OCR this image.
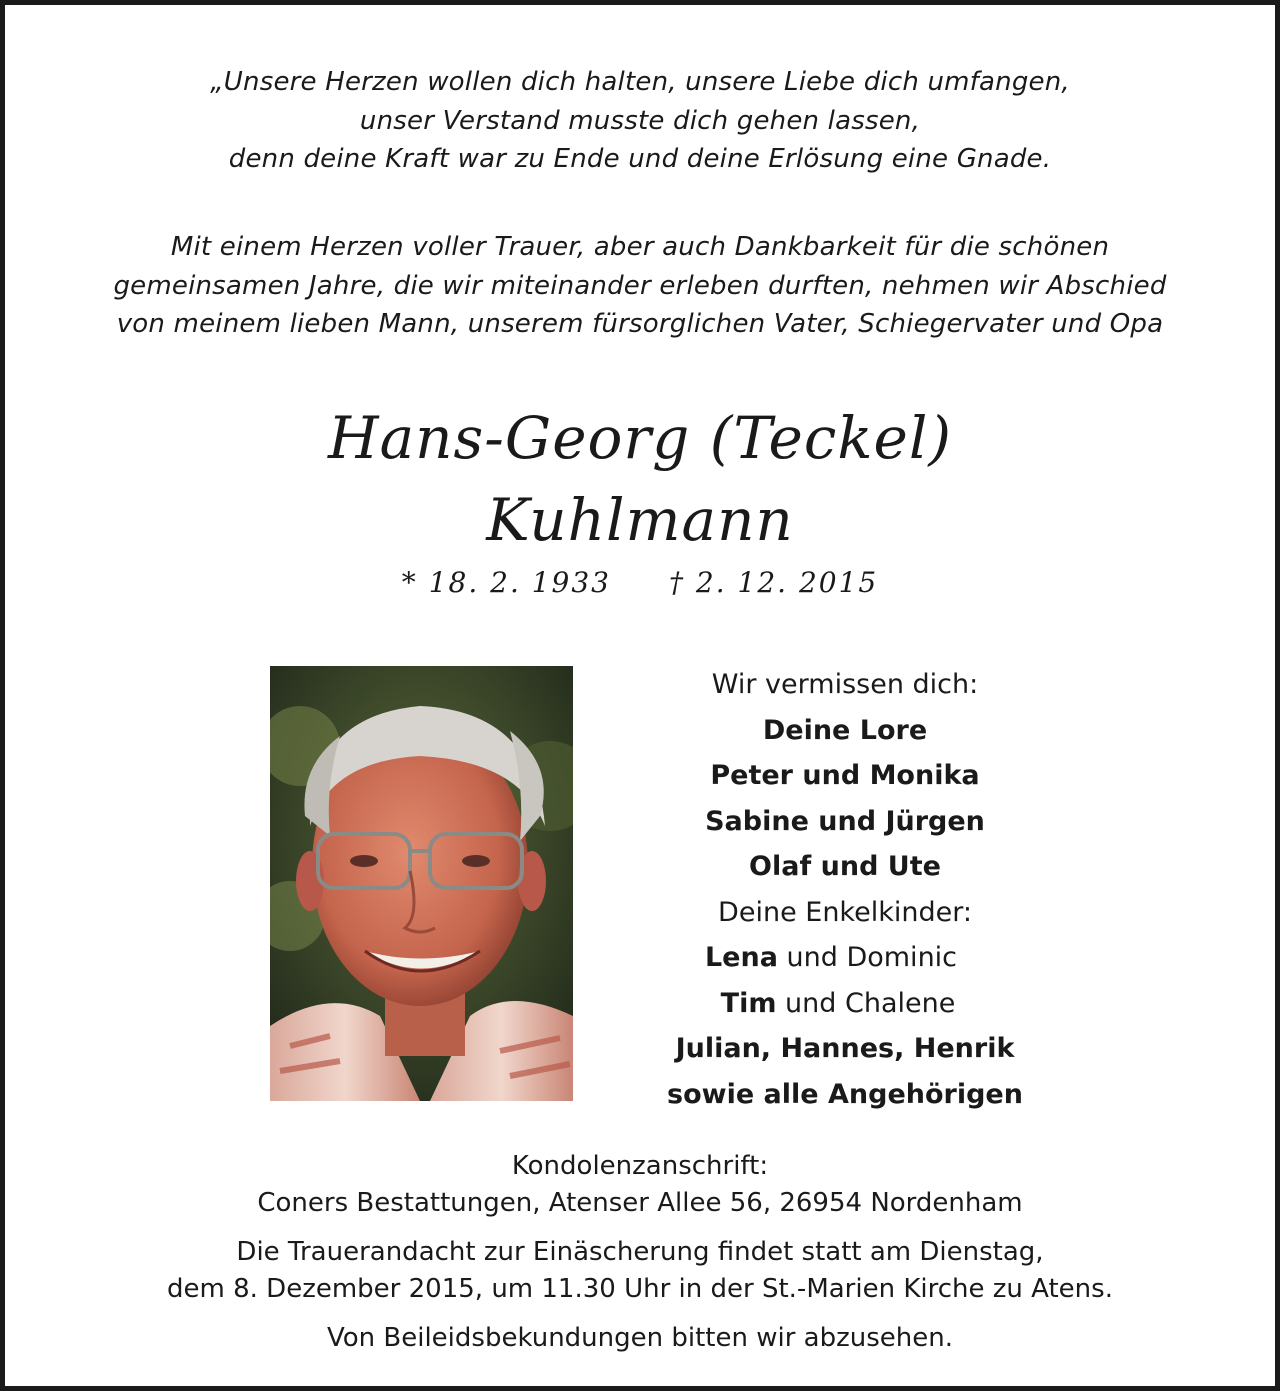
„Unsere Herzen wollen dich halten, unsere Liebe dich umfangen,
unser Verstand musste dich gehen lassen,
denn deine Kraft war zu Ende und deine Erlösung eine Gnade.
Mit einem Herzen voller Trauer, aber auch Dankbarkeit für die schönen
gemeinsamen Jahre, die wir miteinander erleben durften, nehmen wir Abschied
von meinem lieben Mann, unserem fürsorglichen Vater, Schiegervater und Opa
Hans-Georg (Teckel)
Kuhlmann
* 18. 2. 1933 † 2. 12. 2015
Wir vermissen dich:
Deine Lore
Peter und Monika
Sabine und Jürgen
Olaf und Ute
Deine Enkelkinder:
Lena und Dominic
Tim und Chalene
Julian, Hannes, Henrik
sowie alle Angehörigen
Kondolenzanschrift:
Coners Bestattungen, Atenser Allee 56, 26954 Nordenham
Die Trauerandacht zur Einäscherung findet statt am Dienstag,
dem 8. Dezember 2015, um 11.30 Uhr in der St.-Marien Kirche zu Atens.
Von Beileidsbekundungen bitten wir abzusehen.
